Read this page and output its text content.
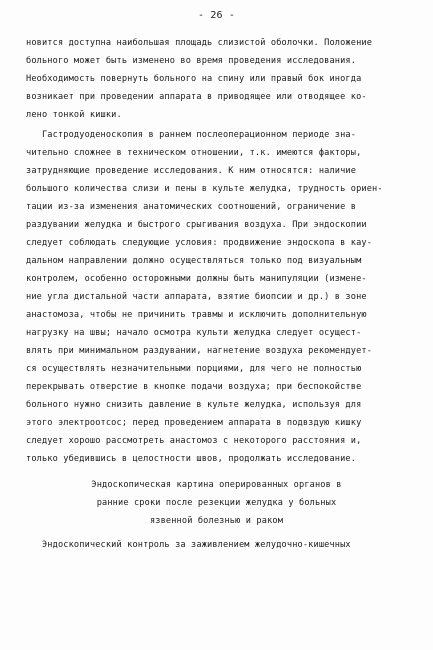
- 26 -
новится доступна наибольшая площадь слизистой оболочки. Положение
больного может быть изменено во время проведения исследования.
Необходимость повернуть больного на спину или правый бок иногда
возникает при проведении аппарата в приводящее или отводящее ко-
лено тонкой кишки.
Гастродуоденоскопия в раннем послеоперационном периоде зна-
чительно сложнее в техническом отношении, т.к. имеются факторы,
затрудняющие проведение исследования. К ним относятся: наличие
большого количества слизи и пены в культе желудка, трудность ориен-
тации из-за изменения анатомических соотношений, ограничение в
раздувании желудка и быстрого срыгивания воздуха. При эндоскопии
следует соблюдать следующие условия: продвижение эндоскопа в кау-
дальном направлении должно осуществляться только под визуальным
контролем, особенно осторожными должны быть манипуляции (измене-
ние угла дистальной части аппарата, взятие биопсии и др.) в зоне
анастомоза, чтобы не причинить травмы и исключить дополнительную
нагрузку на швы; начало осмотра культи желудка следует осущест-
влять при минимальном раздувании, нагнетение воздуха рекомендует-
ся осуществлять незначительными порциями, для чего не полностью
перекрывать отверстие в кнопке подачи воздуха; при беспокойстве
больного нужно снизить давление в культе желудка, используя для
этого электроотсос; перед проведением аппарата в подвздую кишку
следует хорошо рассмотреть анастомоз с некоторого расстояния и,
только убедившись в целостности швов, продолжать исследование.
Эндоскопическая картина оперированных органов в
ранние сроки после резекции желудка у больных
язвенной болезнью и раком
Эндоскопический контроль за заживлением желудочно-кишечных
